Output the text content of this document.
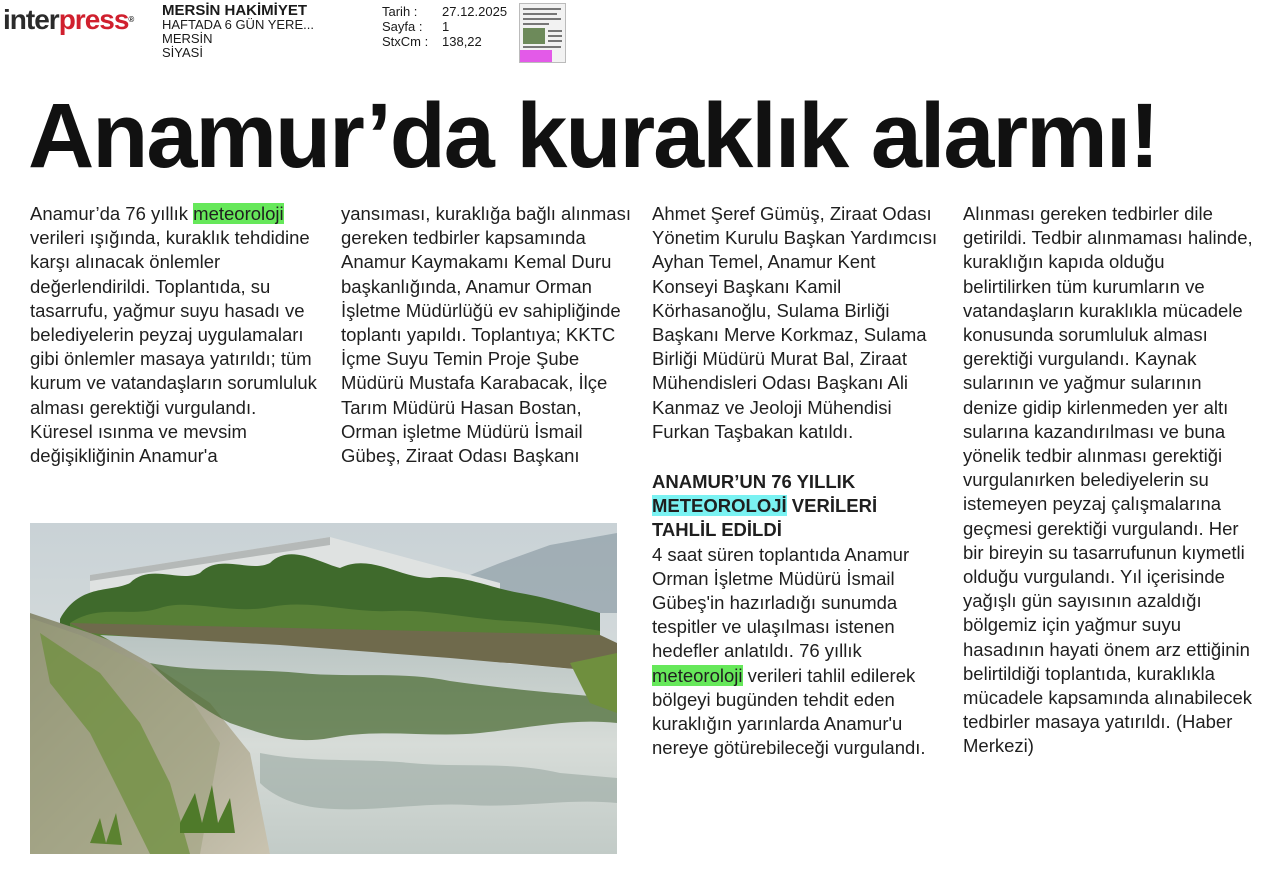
interpress®
MERSİN HAKİMİYET
HAFTADA 6 GÜN YERE...
MERSİN
SİYASİ
Tarih :	27.12.2025
Sayfa :	1
StxCm :	138,22
Anamur’da kuraklık alarmı!

Anamur’da 76 yıllık meteoroloji verileri ışığında, kuraklık tehdidine karşı alınacak önlemler değerlendirildi. Toplantıda, su tasarrufu, yağmur suyu hasadı ve belediyelerin peyzaj uygulamaları gibi önlemler masaya yatırıldı; tüm kurum ve vatandaşların sorumluluk alması gerektiği vurgulandı. Küresel ısınma ve mevsim değişikliğinin Anamur'a

yansıması, kuraklığa bağlı alınması gereken tedbirler kapsamında Anamur Kaymakamı Kemal Duru başkanlığında, Anamur Orman İşletme Müdürlüğü ev sahipliğinde toplantı yapıldı. Toplantıya; KKTC İçme Suyu Temin Proje Şube Müdürü Mustafa Karabacak, İlçe Tarım Müdürü Hasan Bostan, Orman işletme Müdürü İsmail Gübeş, Ziraat Odası Başkanı

Ahmet Şeref Gümüş, Ziraat Odası Yönetim Kurulu Başkan Yardımcısı Ayhan Temel, Anamur Kent Konseyi Başkanı Kamil Körhasanoğlu, Sulama Birliği Başkanı Merve Korkmaz, Sulama Birliği Müdürü Murat Bal, Ziraat Mühendisleri Odası Başkanı Ali Kanmaz ve Jeoloji Mühendisi Furkan Taşbakan katıldı.

ANAMUR’UN 76 YILLIK METEOROLOJİ VERİLERİ TAHLİL EDİLDİ

4 saat süren toplantıda Anamur Orman İşletme Müdürü İsmail Gübeş'in hazırladığı sunumda tespitler ve ulaşılması istenen hedefler anlatıldı. 76 yıllık meteoroloji verileri tahlil edilerek bölgeyi bugünden tehdit eden kuraklığın yarınlarda Anamur'u nereye götürebileceği vurgulandı.

Alınması gereken tedbirler dile getirildi. Tedbir alınmaması halinde, kuraklığın kapıda olduğu belirtilirken tüm kurumların ve vatandaşların kuraklıkla mücadele konusunda sorumluluk alması gerektiği vurgulandı. Kaynak sularının ve yağmur sularının denize gidip kirlenmeden yer altı sularına kazandırılması ve buna yönelik tedbir alınması gerektiği vurgulanırken belediyelerin su istemeyen peyzaj çalışmalarına geçmesi gerektiği vurgulandı. Her bir bireyin su tasarrufunun kıymetli olduğu vurgulandı. Yıl içerisinde yağışlı gün sayısının azaldığı bölgemiz için yağmur suyu hasadının hayati önem arz ettiğinin belirtildiği toplantıda, kuraklıkla mücadele kapsamında alınabilecek tedbirler masaya yatırıldı. (Haber Merkezi)
